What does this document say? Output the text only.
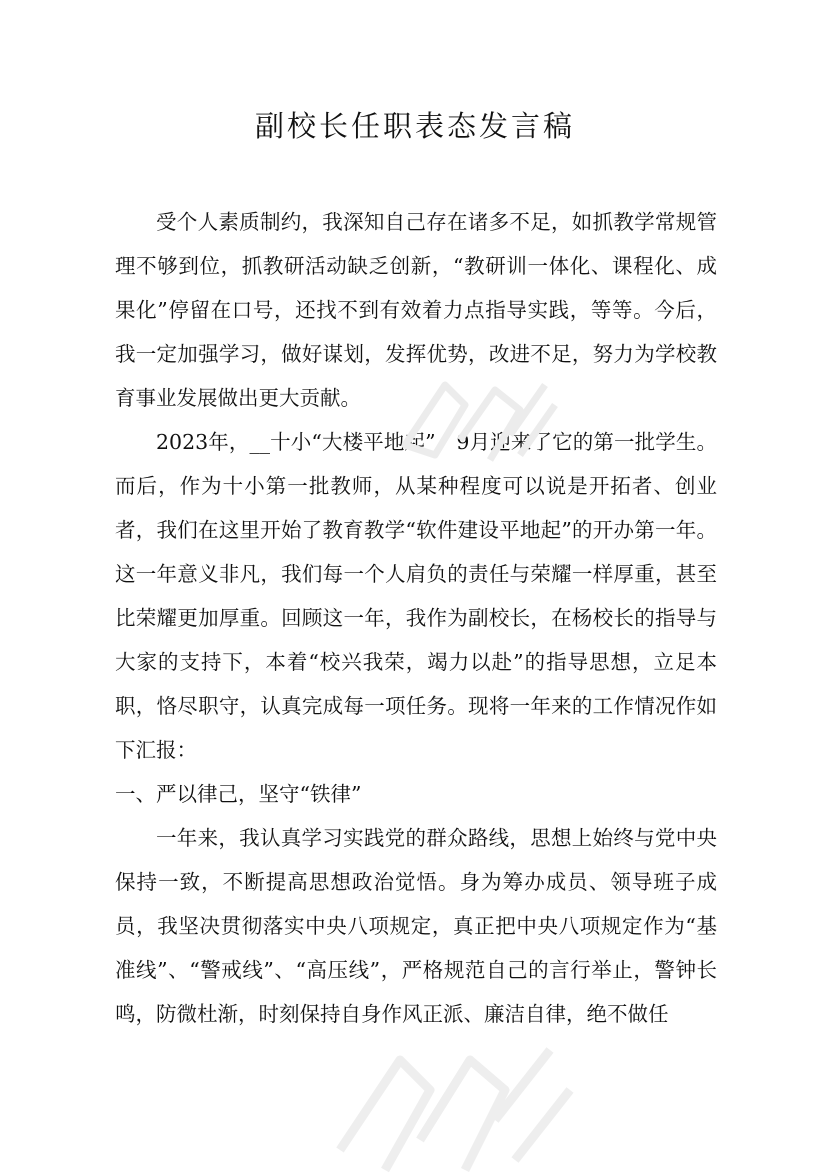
副校长任职表态发言稿

受个人素质制约，我深知自己存在诸多不足，如抓教学常规管理不够到位，抓教研活动缺乏创新，“教研训一体化、课程化、成果化”停留在口号，还找不到有效着力点指导实践，等等。今后，我一定加强学习，做好谋划，发挥优势，改进不足，努力为学校教育事业发展做出更大贡献。

2023年，__十小“大楼平地起”，9月迎来了它的第一批学生。而后，作为十小第一批教师，从某种程度可以说是开拓者、创业者，我们在这里开始了教育教学“软件建设平地起”的开办第一年。这一年意义非凡，我们每一个人肩负的责任与荣耀一样厚重，甚至比荣耀更加厚重。回顾这一年，我作为副校长，在杨校长的指导与大家的支持下，本着“校兴我荣，竭力以赴”的指导思想，立足本职，恪尽职守，认真完成每一项任务。现将一年来的工作情况作如下汇报：

一、严以律己，坚守“铁律”

一年来，我认真学习实践党的群众路线，思想上始终与党中央保持一致，不断提高思想政治觉悟。身为筹办成员、领导班子成员，我坚决贯彻落实中央八项规定，真正把中央八项规定作为“基准线”、“警戒线”、“高压线”，严格规范自己的言行举止，警钟长鸣，防微杜渐，时刻保持自身作风正派、廉洁自律，绝不做任
